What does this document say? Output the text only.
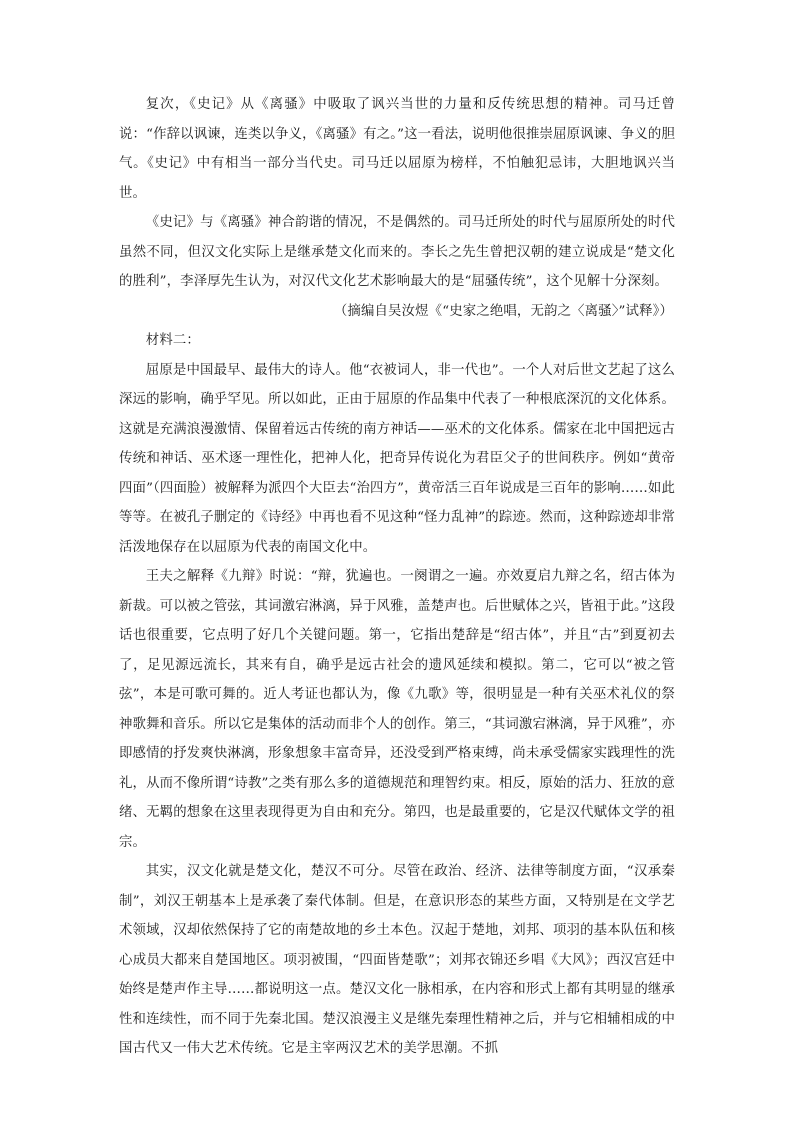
复次，《史记》从《离骚》中吸取了讽兴当世的力量和反传统思想的精神。司马迁曾说：“作辞以讽谏，连类以争义，《离骚》有之。”这一看法，说明他很推崇屈原讽谏、争义的胆气。《史记》中有相当一部分当代史。司马迁以屈原为榜样，不怕触犯忌讳，大胆地讽兴当世。

《史记》与《离骚》神合韵谐的情况，不是偶然的。司马迁所处的时代与屈原所处的时代虽然不同，但汉文化实际上是继承楚文化而来的。李长之先生曾把汉朝的建立说成是“楚文化的胜利”，李泽厚先生认为，对汉代文化艺术影响最大的是“屈骚传统”，这个见解十分深刻。

（摘编自吴汝煜《“史家之绝唱，无韵之〈离骚〉”试释》）

材料二：

屈原是中国最早、最伟大的诗人。他“衣被词人，非一代也”。一个人对后世文艺起了这么深远的影响，确乎罕见。所以如此，正由于屈原的作品集中代表了一种根底深沉的文化体系。这就是充满浪漫激情、保留着远古传统的南方神话——巫术的文化体系。儒家在北中国把远古传统和神话、巫术逐一理性化，把神人化，把奇异传说化为君臣父子的世间秩序。例如“黄帝四面”（四面脸）被解释为派四个大臣去“治四方”，黄帝活三百年说成是三百年的影响……如此等等。在被孔子删定的《诗经》中再也看不见这种“怪力乱神”的踪迹。然而，这种踪迹却非常活泼地保存在以屈原为代表的南国文化中。

王夫之解释《九辩》时说：“辩，犹遍也。一阕谓之一遍。亦效夏启九辩之名，绍古体为新裁。可以被之管弦，其词激宕淋漓，异于风雅，盖楚声也。后世赋体之兴，皆祖于此。”这段话也很重要，它点明了好几个关键问题。第一，它指出楚辞是“绍古体”，并且“古”到夏初去了，足见源远流长，其来有自，确乎是远古社会的遗风延续和模拟。第二，它可以“被之管弦”，本是可歌可舞的。近人考证也都认为，像《九歌》等，很明显是一种有关巫术礼仪的祭神歌舞和音乐。所以它是集体的活动而非个人的创作。第三，“其词激宕淋漓，异于风雅”，亦即感情的抒发爽快淋漓，形象想象丰富奇异，还没受到严格束缚，尚未承受儒家实践理性的洗礼，从而不像所谓“诗教”之类有那么多的道德规范和理智约束。相反，原始的活力、狂放的意绪、无羁的想象在这里表现得更为自由和充分。第四，也是最重要的，它是汉代赋体文学的祖宗。

其实，汉文化就是楚文化，楚汉不可分。尽管在政治、经济、法律等制度方面，“汉承秦制”，刘汉王朝基本上是承袭了秦代体制。但是，在意识形态的某些方面，又特别是在文学艺术领域，汉却依然保持了它的南楚故地的乡土本色。汉起于楚地，刘邦、项羽的基本队伍和核心成员大都来自楚国地区。项羽被围，“四面皆楚歌”；刘邦衣锦还乡唱《大风》；西汉宫廷中始终是楚声作主导……都说明这一点。楚汉文化一脉相承，在内容和形式上都有其明显的继承性和连续性，而不同于先秦北国。楚汉浪漫主义是继先秦理性精神之后，并与它相辅相成的中国古代又一伟大艺术传统。它是主宰两汉艺术的美学思潮。不抓
